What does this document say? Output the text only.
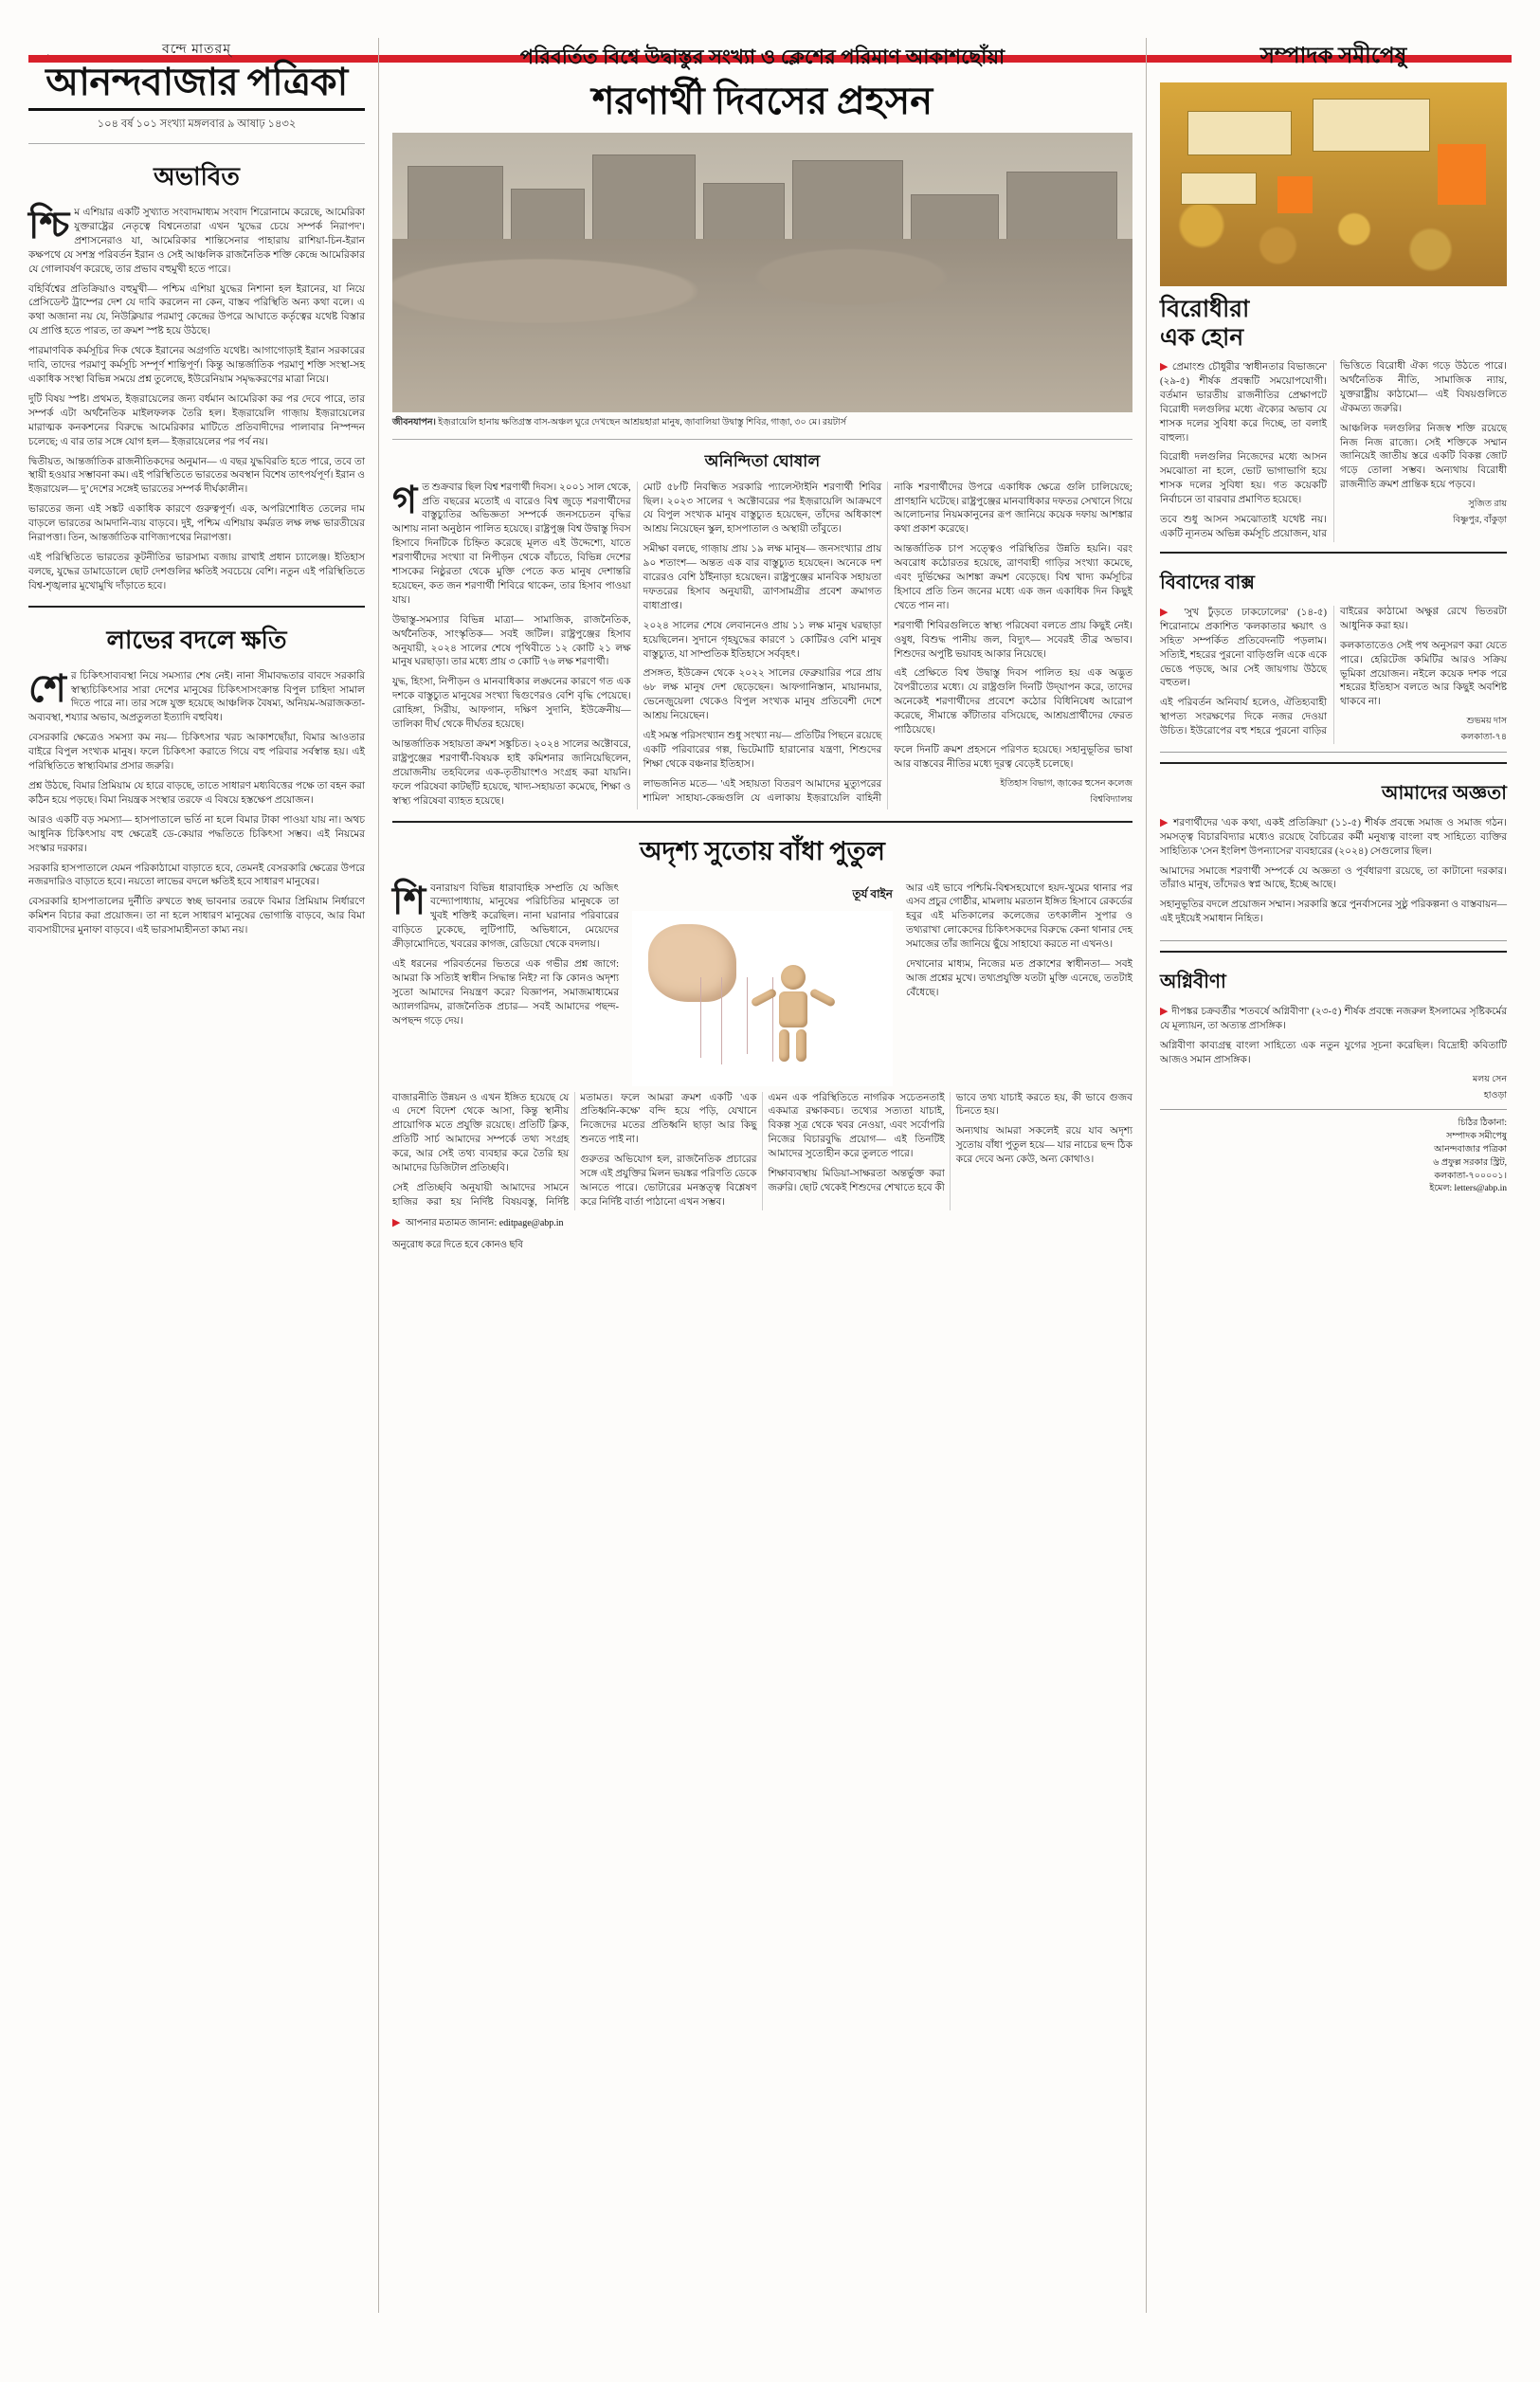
বন্দে মাতরম্
আনন্দবাজার পত্রিকা
১০৪ বর্ষ ১০১ সংখ্যা মঙ্গলবার ৯ আষাঢ় ১৪৩২
অভাবিত

শ্চিম এশিয়ার একটি সুখ্যাত সংবাদমাধ্যম সংবাদ শিরোনামে করেছে, আমেরিকা যুক্তরাষ্ট্রের নেতৃত্বে বিশ্বনেতারা এখন 'যুদ্ধের চেয়ে সম্পর্ক নিরাপদ'। প্রশাসনেরাও যা, আমেরিকার শান্তিসেনার পাহারায় রাশিয়া-চিন-ইরান কক্ষপথে যে সশস্ত্র পরিবর্তন ইরান ও সেই আঞ্চলিক রাজনৈতিক শক্তি কেন্দ্রে আমেরিকার যে গোলাবর্ষণ করেছে, তার প্রভাব বহুমুখী হতে পারে।

বহির্বিশ্বের প্রতিক্রিয়াও বহুমুখী— পশ্চিম এশিয়া যুদ্ধের নিশানা হল ইরানের, যা নিয়ে প্রেসিডেন্ট ট্রাম্পের দেশ যে দাবি করলেন না কেন, বাস্তব পরিস্থিতি অন্য কথা বলে। এ কথা অজানা নয় যে, নিউক্লিয়ার পরমাণু কেন্দ্রের উপরে আঘাতে কর্তৃত্বের যথেষ্ট বিস্তার যে প্রাপ্তি হতে পারত, তা ক্রমশ স্পষ্ট হয়ে উঠছে।

পারমাণবিক কর্মসূচির দিক থেকে ইরানের অগ্রগতি যথেষ্ট। আগাগোড়াই ইরান সরকারের দাবি, তাদের পরমাণু কর্মসূচি সম্পূর্ণ শান্তিপূর্ণ। কিন্তু আন্তর্জাতিক পরমাণু শক্তি সংস্থা-সহ একাধিক সংস্থা বিভিন্ন সময়ে প্রশ্ন তুলেছে, ইউরেনিয়াম সমৃদ্ধকরণের মাত্রা নিয়ে।

দুটি বিষয় স্পষ্ট। প্রথমত, ইজ়রায়েলের জন্য বর্ধমান আমেরিকা কর পর দেবে পারে, তার সম্পর্ক এটা অর্থনৈতিক মাইলফলক তৈরি হল। ইজ়রায়েলি গাজ়ায় ইজ়রায়েলের মারাত্মক কনকশনের বিরুদ্ধে আমেরিকার মাটিতে প্রতিবাদীদের পালাবার নিস্পন্দন চলেছে; এ বার তার সঙ্গে যোগ হল— ইজ়রায়েলের পর পর্ব নয়।

দ্বিতীয়ত, আন্তর্জাতিক রাজনীতিকদের অনুমান— এ বছর যুদ্ধবিরতি হতে পারে, তবে তা স্থায়ী হওয়ার সম্ভাবনা কম। এই পরিস্থিতিতে ভারতের অবস্থান বিশেষ তাৎপর্যপূর্ণ। ইরান ও ইজ়রায়েল— দু’দেশের সঙ্গেই ভারতের সম্পর্ক দীর্ঘকালীন।

ভারতের জন্য এই সঙ্কট একাধিক কারণে গুরুত্বপূর্ণ। এক, অপরিশোধিত তেলের দাম বাড়লে ভারতের আমদানি-ব্যয় বাড়বে। দুই, পশ্চিম এশিয়ায় কর্মরত লক্ষ লক্ষ ভারতীয়ের নিরাপত্তা। তিন, আন্তর্জাতিক বাণিজ্যপথের নিরাপত্তা।

এই পরিস্থিতিতে ভারতের কূটনীতির ভারসাম্য বজায় রাখাই প্রধান চ্যালেঞ্জ। ইতিহাস বলছে, যুদ্ধের ডামাডোলে ছোট দেশগুলির ক্ষতিই সবচেয়ে বেশি। নতুন এই পরিস্থিতিতে বিশ্ব-শৃঙ্খলার মুখোমুখি দাঁড়াতে হবে।

লাভের বদলে ক্ষতি

শের চিকিৎসাব্যবস্থা নিয়ে সমস্যার শেষ নেই। নানা সীমাবদ্ধতার বাবদে সরকারি স্বাস্থ্যচিকিৎসার সারা দেশের মানুষের চিকিৎসাসংক্রান্ত বিপুল চাহিদা সামাল দিতে পারে না। তার সঙ্গে যুক্ত হয়েছে আঞ্চলিক বৈষম্য, অনিয়ম-অরাজকতা-অব্যবস্থা, শয্যার অভাব, অপ্রতুলতা ইত্যাদি বহুবিধ।

বেসরকারি ক্ষেত্রেও সমস্যা কম নয়— চিকিৎসার খরচ আকাশছোঁয়া, বিমার আওতার বাইরে বিপুল সংখ্যক মানুষ। ফলে চিকিৎসা করাতে গিয়ে বহু পরিবার সর্বস্বান্ত হয়। এই পরিস্থিতিতে স্বাস্থ্যবিমার প্রসার জরুরি।

প্রশ্ন উঠছে, বিমার প্রিমিয়াম যে হারে বাড়ছে, তাতে সাধারণ মধ্যবিত্তের পক্ষে তা বহন করা কঠিন হয়ে পড়ছে। বিমা নিয়ন্ত্রক সংস্থার তরফে এ বিষয়ে হস্তক্ষেপ প্রয়োজন।

আরও একটি বড় সমস্যা— হাসপাতালে ভর্তি না হলে বিমার টাকা পাওয়া যায় না। অথচ আধুনিক চিকিৎসায় বহু ক্ষেত্রেই ডে-কেয়ার পদ্ধতিতে চিকিৎসা সম্ভব। এই নিয়মের সংস্কার দরকার।

সরকারি হাসপাতালে যেমন পরিকাঠামো বাড়াতে হবে, তেমনই বেসরকারি ক্ষেত্রের উপরে নজরদারিও বাড়াতে হবে। নয়তো লাভের বদলে ক্ষতিই হবে সাধারণ মানুষের।

বেসরকারি হাসপাতালের দুর্নীতি রুখতে স্বচ্ছ ভাবনার তরফে বিমার প্রিমিয়াম নির্ধারণে কমিশন বিচার করা প্রয়োজন। তা না হলে সাধারণ মানুষের ভোগান্তি বাড়বে, আর বিমা ব্যবসায়ীদের মুনাফা বাড়বে। এই ভারসাম্যহীনতা কাম্য নয়।

পরিবর্তিত বিশ্বে উদ্বাস্তুর সংখ্যা ও ক্লেশের পরিমাণ আকাশছোঁয়া
শরণার্থী দিবসের প্রহসন
জীবনযাপন। ইজ়রায়েলি হানায় ক্ষতিগ্রস্ত বাস-অঞ্চল ঘুরে দেখছেন আশ্রয়হারা মানুষ, জ়াবালিয়া উদ্বাস্তু শিবির, গাজ়া, ৩০ মে। রয়টার্স
অনিন্দিতা ঘোষাল

গত শুক্রবার ছিল বিশ্ব শরণার্থী দিবস। ২০০১ সাল থেকে, প্রতি বছরের মতোই এ বারেও বিশ্ব জুড়ে শরণার্থীদের বাস্তুচ্যুতির অভিজ্ঞতা সম্পর্কে জনসচেতন বৃদ্ধির আশায় নানা অনুষ্ঠান পালিত হয়েছে। রাষ্ট্রপুঞ্জ বিশ্ব উদ্বাস্তু দিবস হিসাবে দিনটিকে চিহ্নিত করেছে মূলত এই উদ্দেশ্যে, যাতে শরণার্থীদের সংখ্যা বা নিপীড়ন থেকে বাঁচতে, বিভিন্ন দেশের শাসকের নিষ্ঠুরতা থেকে মুক্তি পেতে কত মানুষ দেশান্তরি হয়েছেন, কত জন শরণার্থী শিবিরে থাকেন, তার হিসাব পাওয়া যায়।

উদ্বাস্তু-সমস্যার বিভিন্ন মাত্রা— সামাজিক, রাজনৈতিক, অর্থনৈতিক, সাংস্কৃতিক— সবই জটিল। রাষ্ট্রপুঞ্জের হিসাব অনুযায়ী, ২০২৪ সালের শেষে পৃথিবীতে ১২ কোটি ২১ লক্ষ মানুষ ঘরছাড়া। তার মধ্যে প্রায় ৩ কোটি ৭৬ লক্ষ শরণার্থী।

যুদ্ধ, হিংসা, নিপীড়ন ও মানবাধিকার লঙ্ঘনের কারণে গত এক দশকে বাস্তুচ্যুত মানুষের সংখ্যা দ্বিগুণেরও বেশি বৃদ্ধি পেয়েছে। রোহিঙ্গা, সিরীয়, আফগান, দক্ষিণ সুদানি, ইউক্রেনীয়— তালিকা দীর্ঘ থেকে দীর্ঘতর হয়েছে।

আন্তর্জাতিক সহায়তা ক্রমশ সঙ্কুচিত। ২০২৪ সালের অক্টোবরে, রাষ্ট্রপুঞ্জের শরণার্থী-বিষয়ক হাই কমিশনার জানিয়েছিলেন, প্রয়োজনীয় তহবিলের এক-তৃতীয়াংশও সংগ্রহ করা যায়নি। ফলে পরিষেবা কাটছাঁট হয়েছে, খাদ্য-সহায়তা কমেছে, শিক্ষা ও স্বাস্থ্য পরিষেবা ব্যাহত হয়েছে।

মোট ৫৮টি নিবন্ধিত সরকারি প্যালেস্টাইনি শরণার্থী শিবির ছিল। ২০২৩ সালের ৭ অক্টোবরের পর ইজ়রায়েলি আক্রমণে যে বিপুল সংখ্যক মানুষ বাস্তুচ্যুত হয়েছেন, তাঁদের অধিকাংশ আশ্রয় নিয়েছেন স্কুল, হাসপাতাল ও অস্থায়ী তাঁবুতে।

সমীক্ষা বলছে, গাজ়ায় প্রায় ১৯ লক্ষ মানুষ— জনসংখ্যার প্রায় ৯০ শতাংশ— অন্তত এক বার বাস্তুচ্যুত হয়েছেন। অনেকে দশ বারেরও বেশি ঠাঁইনাড়া হয়েছেন। রাষ্ট্রপুঞ্জের মানবিক সহায়তা দফতরের হিসাব অনুযায়ী, ত্রাণসামগ্রীর প্রবেশ ক্রমাগত বাধাপ্রাপ্ত।

২০২৪ সালের শেষে লেবাননেও প্রায় ১১ লক্ষ মানুষ ঘরছাড়া হয়েছিলেন। সুদানে গৃহযুদ্ধের কারণে ১ কোটিরও বেশি মানুষ বাস্তুচ্যুত, যা সাম্প্রতিক ইতিহাসে সর্ববৃহৎ।

প্রসঙ্গত, ইউক্রেন থেকে ২০২২ সালের ফেব্রুয়ারির পরে প্রায় ৬৮ লক্ষ মানুষ দেশ ছেড়েছেন। আফগানিস্তান, মায়ানমার, ভেনেজ়ুয়েলা থেকেও বিপুল সংখ্যক মানুষ প্রতিবেশী দেশে আশ্রয় নিয়েছেন।

এই সমস্ত পরিসংখ্যান শুধু সংখ্যা নয়— প্রতিটির পিছনে রয়েছে একটি পরিবারের গল্প, ভিটেমাটি হারানোর যন্ত্রণা, শিশুদের শিক্ষা থেকে বঞ্চনার ইতিহাস।

লাভজনিত মতে— 'এই সহায়তা বিতরণ আমাদের মুত্যুপরের শামিল' সাহায্য-কেন্দ্রগুলি যে এলাকায় ইজ়রায়েলি বাহিনী নাকি শরণার্থীদের উপরে একাধিক ক্ষেত্রে গুলি চালিয়েছে; প্রাণহানি ঘটেছে। রাষ্ট্রপুঞ্জের মানবাধিকার দফতর সেখানে গিয়ে আলোচনার নিয়মকানুনের রূপ জানিয়ে কয়েক দফায় আশঙ্কার কথা প্রকাশ করেছে।

আন্তর্জাতিক চাপ সত্ত্বেও পরিস্থিতির উন্নতি হয়নি। বরং অবরোধ কঠোরতর হয়েছে, ত্রাণবাহী গাড়ির সংখ্যা কমেছে, এবং দুর্ভিক্ষের আশঙ্কা ক্রমশ বেড়েছে। বিশ্ব খাদ্য কর্মসূচির হিসাবে প্রতি তিন জনের মধ্যে এক জন একাধিক দিন কিছুই খেতে পান না।

শরণার্থী শিবিরগুলিতে স্বাস্থ্য পরিষেবা বলতে প্রায় কিছুই নেই। ওষুধ, বিশুদ্ধ পানীয় জল, বিদ্যুৎ— সবেরই তীব্র অভাব। শিশুদের অপুষ্টি ভয়াবহ আকার নিয়েছে।

এই প্রেক্ষিতে বিশ্ব উদ্বাস্তু দিবস পালিত হয় এক অদ্ভুত বৈপরীত্যের মধ্যে। যে রাষ্ট্রগুলি দিনটি উদ্‌যাপন করে, তাদের অনেকেই শরণার্থীদের প্রবেশে কঠোর বিধিনিষেধ আরোপ করেছে, সীমান্তে কাঁটাতার বসিয়েছে, আশ্রয়প্রার্থীদের ফেরত পাঠিয়েছে।

ফলে দিনটি ক্রমশ প্রহসনে পরিণত হয়েছে। সহানুভূতির ভাষা আর বাস্তবের নীতির মধ্যে দূরত্ব বেড়েই চলেছে।

ইতিহাস বিভাগ, জ়াকের হুসেন কলেজ
বিশ্ববিদ্যালয়
অদৃশ্য সুতোয় বাঁধা পুতুল

শিবনারায়ণ বিভিন্ন ধারাবাহিক সম্প্রতি যে অজিৎ বন্দ্যোপাধ্যায়, মানুষের পরিচিতির মানুষকে তা খুবই শক্তিই করেছিল। নানা ঘরানার পরিবারের বাড়িতে ঢুকেছে, লুটিপাটি, অভিধানে, মেয়েদের ক্রীড়ামোদিতে, খবরের কাগজ, রেডিয়ো থেকে বদলায়।

এই ধরনের পরিবর্তনের ভিতরে এক গভীর প্রশ্ন জাগে: আমরা কি সত্যিই স্বাধীন সিদ্ধান্ত নিই? না কি কোনও অদৃশ্য সুতো আমাদের নিয়ন্ত্রণ করে? বিজ্ঞাপন, সমাজমাধ্যমের অ্যালগরিদম, রাজনৈতিক প্রচার— সবই আমাদের পছন্দ-অপছন্দ গড়ে দেয়।

তূর্য বাইন আর এই ভাবে পশ্চিমি-বিশ্বসহযোগে হয়দ-খুমের থানার পর এসব প্রচুর গোষ্ঠীর, মামলায় মরতান ইঙ্গিত হিসাবে রেকর্ডের হবুর এই মতিকালের কলেজের তৎকালীন সুপার ও তথ্যরাখা লোকেদের চিকিৎসকদের বিরুদ্ধে কেনা থানার দেহ সমাজের তাঁর জানিয়ে ছুঁয়ে সাহায্যে করতে না এখনও।

দেখানোর মাধ্যম, নিজের মত প্রকাশের স্বাধীনতা— সবই আজ প্রশ্নের মুখে। তথ্যপ্রযুক্তি যতটা মুক্তি এনেছে, ততটাই বেঁধেছে।

বাজারনীতি উন্নয়ন ও এখন ইঙ্গিত হয়েছে যে এ দেশে বিদেশ থেকে আসা, কিন্তু স্থানীয় প্রায়োগিক মতে প্রযুক্তি রয়েছে। প্রতিটি ক্লিক, প্রতিটি সার্চ আমাদের সম্পর্কে তথ্য সংগ্রহ করে, আর সেই তথ্য ব্যবহার করে তৈরি হয় আমাদের ডিজিটাল প্রতিচ্ছবি।

সেই প্রতিচ্ছবি অনুযায়ী আমাদের সামনে হাজির করা হয় নির্দিষ্ট বিষয়বস্তু, নির্দিষ্ট মতামত। ফলে আমরা ক্রমশ একটি 'এক প্রতিধ্বনি-কক্ষে' বন্দি হয়ে পড়ি, যেখানে নিজেদের মতের প্রতিধ্বনি ছাড়া আর কিছু শুনতে পাই না।

গুরুতর অভিযোগ হল, রাজনৈতিক প্রচারের সঙ্গে এই প্রযুক্তির মিলন ভয়ঙ্কর পরিণতি ডেকে আনতে পারে। ভোটারের মনস্তত্ত্ব বিশ্লেষণ করে নির্দিষ্ট বার্তা পাঠানো এখন সম্ভব।

এমন এক পরিস্থিতিতে নাগরিক সচেতনতাই একমাত্র রক্ষাকবচ। তথ্যের সত্যতা যাচাই, বিকল্প সূত্র থেকে খবর নেওয়া, এবং সর্বোপরি নিজের বিচারবুদ্ধি প্রয়োগ— এই তিনটিই আমাদের সুতোহীন করে তুলতে পারে।

শিক্ষাব্যবস্থায় মিডিয়া-সাক্ষরতা অন্তর্ভুক্ত করা জরুরি। ছোট থেকেই শিশুদের শেখাতে হবে কী ভাবে তথ্য যাচাই করতে হয়, কী ভাবে গুজব চিনতে হয়।

অন্যথায় আমরা সকলেই রয়ে যাব অদৃশ্য সুতোয় বাঁধা পুতুল হয়ে— যার নাচের ছন্দ ঠিক করে দেবে অন্য কেউ, অন্য কোথাও।

▶ আপনার মতামত জানান: editpage@abp.in
অনুরোধ করে দিতে হবে কোনও ছবি
সম্পাদক সমীপেষু
বিরোধীরা
এক হোন

▶ প্রেমাংশু চৌধুরীর 'স্বাধীনতার বিভাজনে' (২৯-৫) শীর্ষক প্রবন্ধটি সময়োপযোগী। বর্তমান ভারতীয় রাজনীতির প্রেক্ষাপটে বিরোধী দলগুলির মধ্যে ঐক্যের অভাব যে শাসক দলের সুবিধা করে দিচ্ছে, তা বলাই বাহুল্য।

বিরোধী দলগুলির নিজেদের মধ্যে আসন সমঝোতা না হলে, ভোট ভাগাভাগি হয়ে শাসক দলের সুবিধা হয়। গত কয়েকটি নির্বাচনে তা বারবার প্রমাণিত হয়েছে।

তবে শুধু আসন সমঝোতাই যথেষ্ট নয়। একটি ন্যূনতম অভিন্ন কর্মসূচি প্রয়োজন, যার ভিত্তিতে বিরোধী ঐক্য গড়ে উঠতে পারে। অর্থনৈতিক নীতি, সামাজিক ন্যায়, যুক্তরাষ্ট্রীয় কাঠামো— এই বিষয়গুলিতে ঐকমত্য জরুরি।

আঞ্চলিক দলগুলির নিজস্ব শক্তি রয়েছে নিজ নিজ রাজ্যে। সেই শক্তিকে সম্মান জানিয়েই জাতীয় স্তরে একটি বিকল্প জোট গড়ে তোলা সম্ভব। অন্যথায় বিরোধী রাজনীতি ক্রমশ প্রান্তিক হয়ে পড়বে।

সুজিত রায়
বিষ্ণুপুর, বাঁকুড়া
বিবাদের বাক্স

▶ 'সুখ ঢুঁড়তে ঢাকঢোলের' (১৪-৫) শিরোনামে প্রকাশিত 'কলকাতার ক্ষয়াৎ ও সহিত' সম্পর্কিত প্রতিবেদনটি পড়লাম। সত্যিই, শহরের পুরনো বাড়িগুলি একে একে ভেঙে পড়ছে, আর সেই জায়গায় উঠছে বহুতল।

এই পরিবর্তন অনিবার্য হলেও, ঐতিহ্যবাহী স্থাপত্য সংরক্ষণের দিকে নজর দেওয়া উচিত। ইউরোপের বহু শহরে পুরনো বাড়ির বাইরের কাঠামো অক্ষুণ্ণ রেখে ভিতরটা আধুনিক করা হয়।

কলকাতাতেও সেই পথ অনুসরণ করা যেতে পারে। হেরিটেজ কমিটির আরও সক্রিয় ভূমিকা প্রয়োজন। নইলে কয়েক দশক পরে শহরের ইতিহাস বলতে আর কিছুই অবশিষ্ট থাকবে না।

শুভময় দাস
কলকাতা-৭৪
আমাদের অজ্ঞতা

▶ শরণার্থীদের 'এক কথা, একই প্রতিক্রিয়া' (১১-৫) শীর্ষক প্রবন্ধে সমাজ ও সমাজ গঠন। সমসত্ত্ব বিচারবিদ্যার মধ্যেও রয়েছে বৈচিত্রের কর্মী মনুষ্যত্ব বাংলা বহু সাহিত্যে ব্যক্তির সাহিত্যিক 'সেন ইংলিশ উপন্যাসের' ব্যবহারের (২০২৪) সেগুলোর ছিল।

আমাদের সমাজে শরণার্থী সম্পর্কে যে অজ্ঞতা ও পূর্বধারণা রয়েছে, তা কাটানো দরকার। তাঁরাও মানুষ, তাঁদেরও স্বপ্ন আছে, ইচ্ছে আছে।

সহানুভূতির বদলে প্রয়োজন সম্মান। সরকারি স্তরে পুনর্বাসনের সুষ্ঠু পরিকল্পনা ও বাস্তবায়ন— এই দুইয়েই সমাধান নিহিত।

অগ্নিবীণা

▶ দীপঙ্কর চক্রবর্তীর 'শতবর্ষে অগ্নিবীণা' (২৩-৫) শীর্ষক প্রবন্ধে নজরুল ইসলামের সৃষ্টিকর্মের যে মূল্যায়ন, তা অত্যন্ত প্রাসঙ্গিক।

অগ্নিবীণা কাব্যগ্রন্থ বাংলা সাহিত্যে এক নতুন যুগের সূচনা করেছিল। বিদ্রোহী কবিতাটি আজও সমান প্রাসঙ্গিক।

মলয় সেন
হাওড়া
চিঠির ঠিকানা:
সম্পাদক সমীপেষু
আনন্দবাজার পত্রিকা
৬ প্রফুল্ল সরকার স্ট্রিট,
কলকাতা-৭০০০০১।
ইমেল: letters@abp.in
